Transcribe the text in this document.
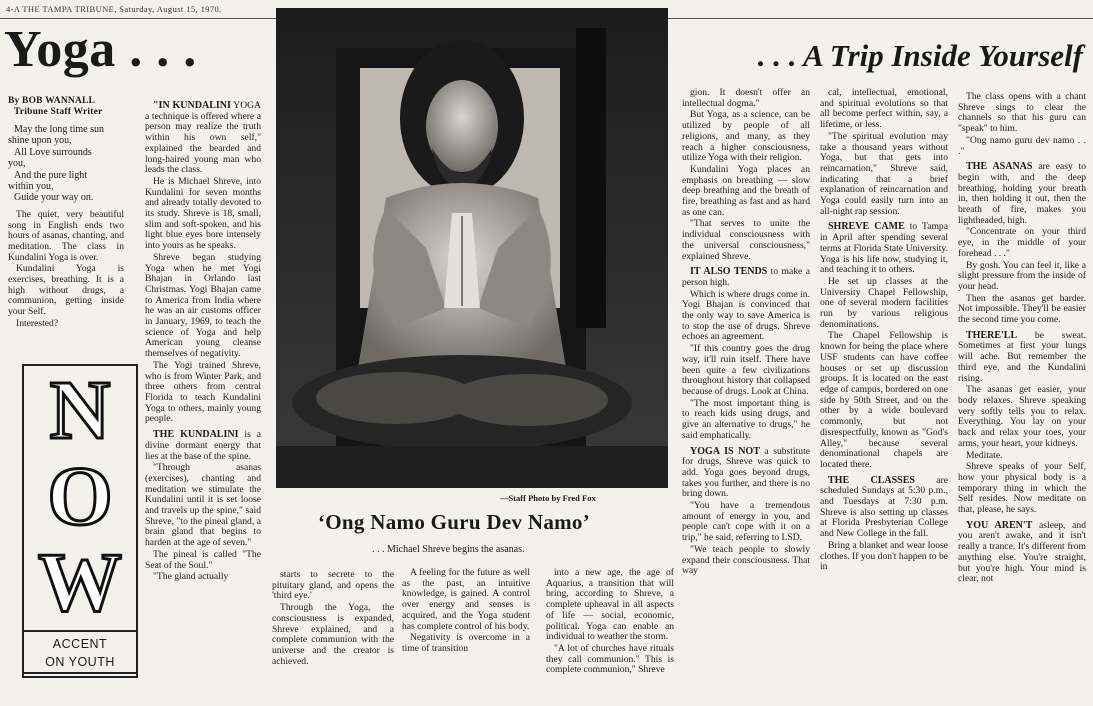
4-A THE TAMPA TRIBUNE, Saturday, August 15, 1970.
Yoga . . .	. . . A Trip Inside Yourself
By BOB WANNALL
Tribune Staff Writer
May the long time sun
shine upon you,
All Love surrounds
you,
And the pure light
within you,
Guide your way on.

The quiet, very beautiful song in English ends two hours of asanas, chanting, and meditation. The class in Kundalini Yoga is over.

Kundalini Yoga is exercises, breathing. It is a high without drugs, a communion, getting inside your Self.

Interested?

"IN KUNDALINI YOGA a technique is offered where a person may realize the truth within his own self," explained the bearded and long-haired young man who leads the class.

He is Michael Shreve, into Kundalini for seven months and already totally devoted to its study. Shreve is 18, small, slim and soft-spoken, and his light blue eyes bore intensely into yours as he speaks.

Shreve began studying Yoga when he met Yogi Bhajan in Orlando last Christmas. Yogi Bhajan came to America from India where he was an air customs officer in January, 1969, to teach the science of Yoga and help American young cleanse themselves of negativity.

The Yogi trained Shreve, who is from Winter Park, and three others from central Florida to teach Kundalini Yoga to others, mainly young people.

THE KUNDALINI is a divine dormant energy that lies at the base of the spine.

"Through asanas (exercises), chanting and meditation we stimulate the Kundalini until it is set loose and travels up the spine," said Shreve, "to the pineal gland, a brain gland that begins to harden at the age of seven."

The pineal is called "The Seat of the Soul."

"The gland actually

—Staff Photo by Fred Fox
‘Ong Namo Guru Dev Namo’
. . . Michael Shreve begins the asanas.

starts to secrete to the pituitary gland, and opens the 'third eye.'

Through the Yoga, the consciousness is expanded, Shreve explained, and a complete communion with the universe and the creator is achieved.

A feeling for the future as well as the past, an intuitive knowledge, is gained. A control over energy and senses is acquired, and the Yoga student has complete control of his body.

Negativity is overcome in a time of transition

into a new age, the age of Aquarius, a transition that will bring, according to Shreve, a complete upheaval in all aspects of life — social, economic, political. Yoga can enable an individual to weather the storm.

"A lot of churches have rituals they call communion." This is complete communion," Shreve

gion. It doesn't offer an intellectual dogma."

But Yoga, as a science, can be utilized by people of all religions, and many, as they reach a higher consciousness, utilize Yoga with their religion.

Kundalini Yoga places an emphasis on breathing — slow deep breathing and the breath of fire, breathing as fast and as hard as one can.

"That serves to unite the individual consciousness with the universal consciousness," explained Shreve.

IT ALSO TENDS to make a person high.

Which is where drugs come in. Yogi Bhajan is convinced that the only way to save America is to stop the use of drugs. Shreve echoes an agreement.

"If this country goes the drug way, it'll ruin itself. There have been quite a few civilizations throughout history that collapsed because of drugs. Look at China.

"The most important thing is to reach kids using drugs, and give an alternative to drugs," he said emphatically.

YOGA IS NOT a substitute for drugs, Shreve was quick to add. Yoga goes beyond drugs, takes you further, and there is no bring down.

"You have a tremendous amount of energy in you, and people can't cope with it on a trip," he said, referring to LSD.

"We teach people to slowly expand their consciousness. That way

cal, intellectual, emotional, and spiritual evolutions so that all become perfect within, say, a lifetime, or less.

"The spiritual evolution may take a thousand years without Yoga, but that gets into reincarnation," Shreve said, indicating that a brief explanation of reincarnation and Yoga could easily turn into an all-night rap session.

SHREVE CAME to Tampa in April after spending several terms at Florida State University. Yoga is his life now, studying it, and teaching it to others.

He set up classes at the University Chapel Fellowship, one of several modern facilities run by various religious denominations.

The Chapel Fellowship is known for being the place where USF students can have coffee houses or set up discussion groups. It is located on the east edge of campus, bordered on one side by 50th Street, and on the other by a wide boulevard commonly, but not disrespectfully, known as "God's Alley," because several denominational chapels are located there.

THE CLASSES are scheduled Sundays at 5:30 p.m., and Tuesdays at 7:30 p.m. Shreve is also setting up classes at Florida Presbyterian College and New College in the fall.

Bring a blanket and wear loose clothes. If you don't happen to be in

The class opens with a chant Shreve sings to clear the channels so that his guru can "speak" to him.

"Ong namo guru dev namo . . ."

THE ASANAS are easy to begin with, and the deep breathing, holding your breath in, then holding it out, then the breath of fire, makes you lightheaded, high.

"Concentrate on your third eye, in the middle of your forehead . . ."

By gosh. You can feel it, like a slight pressure from the inside of your head.

Then the asanas get harder. Not impossible. They'll be easier the second time you come.

THERE'LL be sweat. Sometimes at first your lungs will ache. But remember the third eye, and the Kundalini rising.

The asanas get easier, your body relaxes. Shreve speaking very softly tells you to relax. Everything. You lay on your back and relax your toes, your arms, your heart, your kidneys.

Meditate.

Shreve speaks of your Self, how your physical body is a temporary thing in which the Self resides. Now meditate on that, please, he says.

YOU AREN'T asleep, and you aren't awake, and it isn't really a trance. It's different from anything else. You're straight, but you're high. Your mind is clear, not

N
O
W
ACCENT
ON YOUTH
